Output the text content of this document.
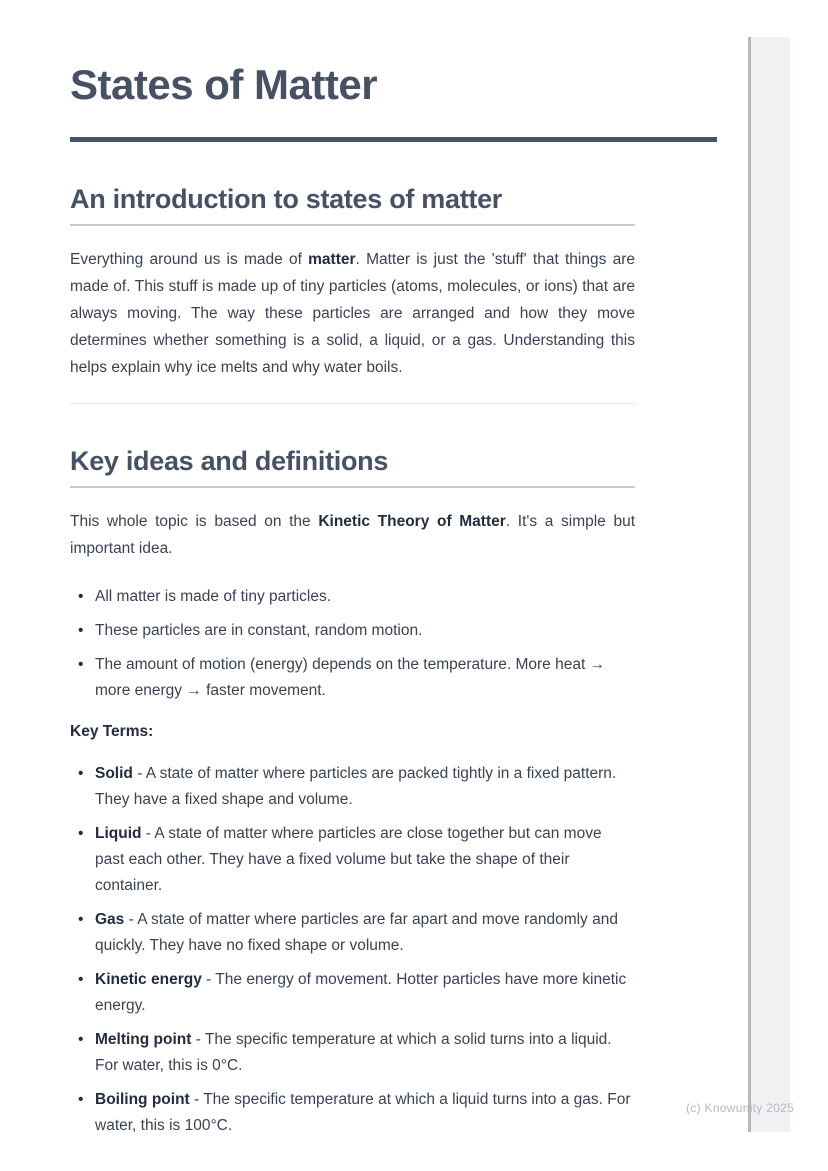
States of Matter
An introduction to states of matter

Everything around us is made of matter. Matter is just the 'stuff' that things are made of. This stuff is made up of tiny particles (atoms, molecules, or ions) that are always moving. The way these particles are arranged and how they move determines whether something is a solid, a liquid, or a gas. Understanding this helps explain why ice melts and why water boils.

Key ideas and definitions

This whole topic is based on the Kinetic Theory of Matter. It's a simple but important idea.

• All matter is made of tiny particles.
• These particles are in constant, random motion.
• The amount of motion (energy) depends on the temperature. More heat → more energy → faster movement.

Key Terms:

• Solid - A state of matter where particles are packed tightly in a fixed pattern. They have a fixed shape and volume.
• Liquid - A state of matter where particles are close together but can move past each other. They have a fixed volume but take the shape of their container.
• Gas - A state of matter where particles are far apart and move randomly and quickly. They have no fixed shape or volume.
• Kinetic energy - The energy of movement. Hotter particles have more kinetic energy.
• Melting point - The specific temperature at which a solid turns into a liquid. For water, this is 0°C.
• Boiling point - The specific temperature at which a liquid turns into a gas. For water, this is 100°C.
(c) Knowunity 2025
